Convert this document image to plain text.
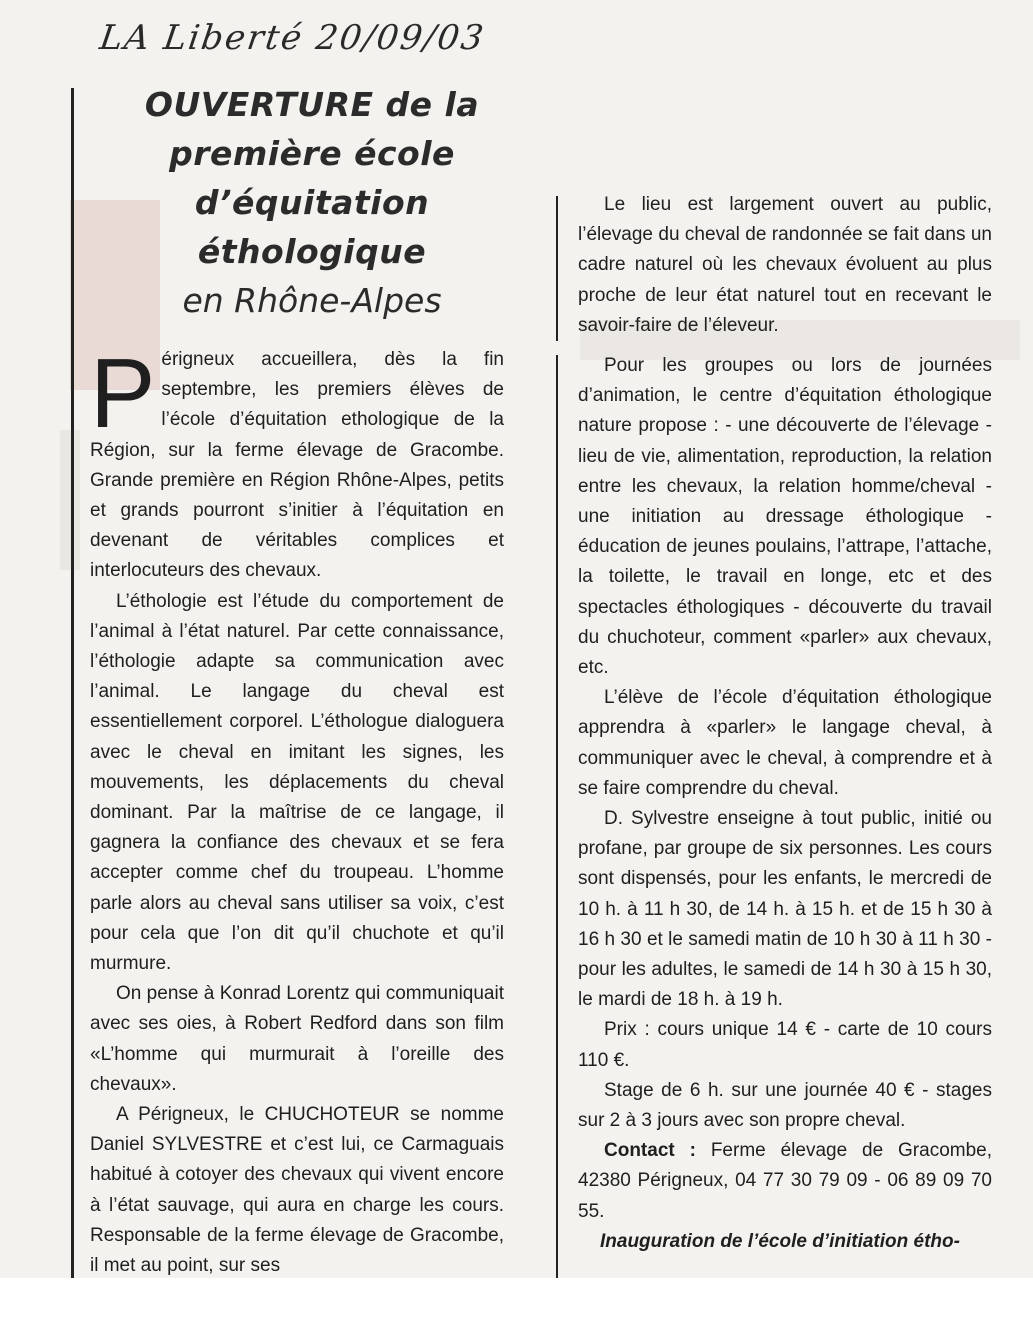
LA Liberté 20/09/03
OUVERTURE de la
première école
d’équitation
éthologique
en Rhône-Alpes

Périgneux accueillera, dès la fin septembre, les premiers élèves de l’école d’équitation ethologique de la Région, sur la ferme élevage de Gracombe. Grande première en Région Rhône-Alpes, petits et grands pourront s’initier à l’équitation en devenant de véritables complices et interlocuteurs des chevaux.

L’éthologie est l’étude du comportement de l’animal à l’état naturel. Par cette connaissance, l’éthologie adapte sa communication avec l’animal. Le langage du cheval est essentiellement corporel. L’éthologue dialoguera avec le cheval en imitant les signes, les mouvements, les déplacements du cheval dominant. Par la maîtrise de ce langage, il gagnera la confiance des chevaux et se fera accepter comme chef du troupeau. L’homme parle alors au cheval sans utiliser sa voix, c’est pour cela que l’on dit qu’il chuchote et qu’il murmure.

On pense à Konrad Lorentz qui communiquait avec ses oies, à Robert Redford dans son film «L’homme qui murmurait à l’oreille des chevaux».

A Périgneux, le CHUCHOTEUR se nomme Daniel SYLVESTRE et c’est lui, ce Carmaguais habitué à cotoyer des chevaux qui vivent encore à l’état sauvage, qui aura en charge les cours. Responsable de la ferme élevage de Gracombe, il met au point, sur ses

Le lieu est largement ouvert au public, l’élevage du cheval de randonnée se fait dans un cadre naturel où les chevaux évoluent au plus proche de leur état naturel tout en recevant le savoir-faire de l’éleveur.

Pour les groupes ou lors de journées d’animation, le centre d’équitation éthologique nature propose : - une découverte de l’élevage - lieu de vie, alimentation, reproduction, la relation entre les chevaux, la relation homme/cheval - une initiation au dressage éthologique - éducation de jeunes poulains, l’attrape, l’attache, la toilette, le travail en longe, etc et des spectacles éthologiques - découverte du travail du chuchoteur, comment «parler» aux chevaux, etc.

L’élève de l’école d’équitation éthologique apprendra à «parler» le langage cheval, à communiquer avec le cheval, à comprendre et à se faire comprendre du cheval.

D. Sylvestre enseigne à tout public, initié ou profane, par groupe de six personnes. Les cours sont dispensés, pour les enfants, le mercredi de 10 h. à 11 h 30, de 14 h. à 15 h. et de 15 h 30 à 16 h 30 et le samedi matin de 10 h 30 à 11 h 30 - pour les adultes, le samedi de 14 h 30 à 15 h 30, le mardi de 18 h. à 19 h.

Prix : cours unique 14 € - carte de 10 cours 110 €.

Stage de 6 h. sur une journée 40 € - stages sur 2 à 3 jours avec son propre cheval.

Contact : Ferme élevage de Gracombe, 42380 Périgneux, 04 77 30 79 09 - 06 89 09 70 55.

Inauguration de l’école d’initiation étho-
